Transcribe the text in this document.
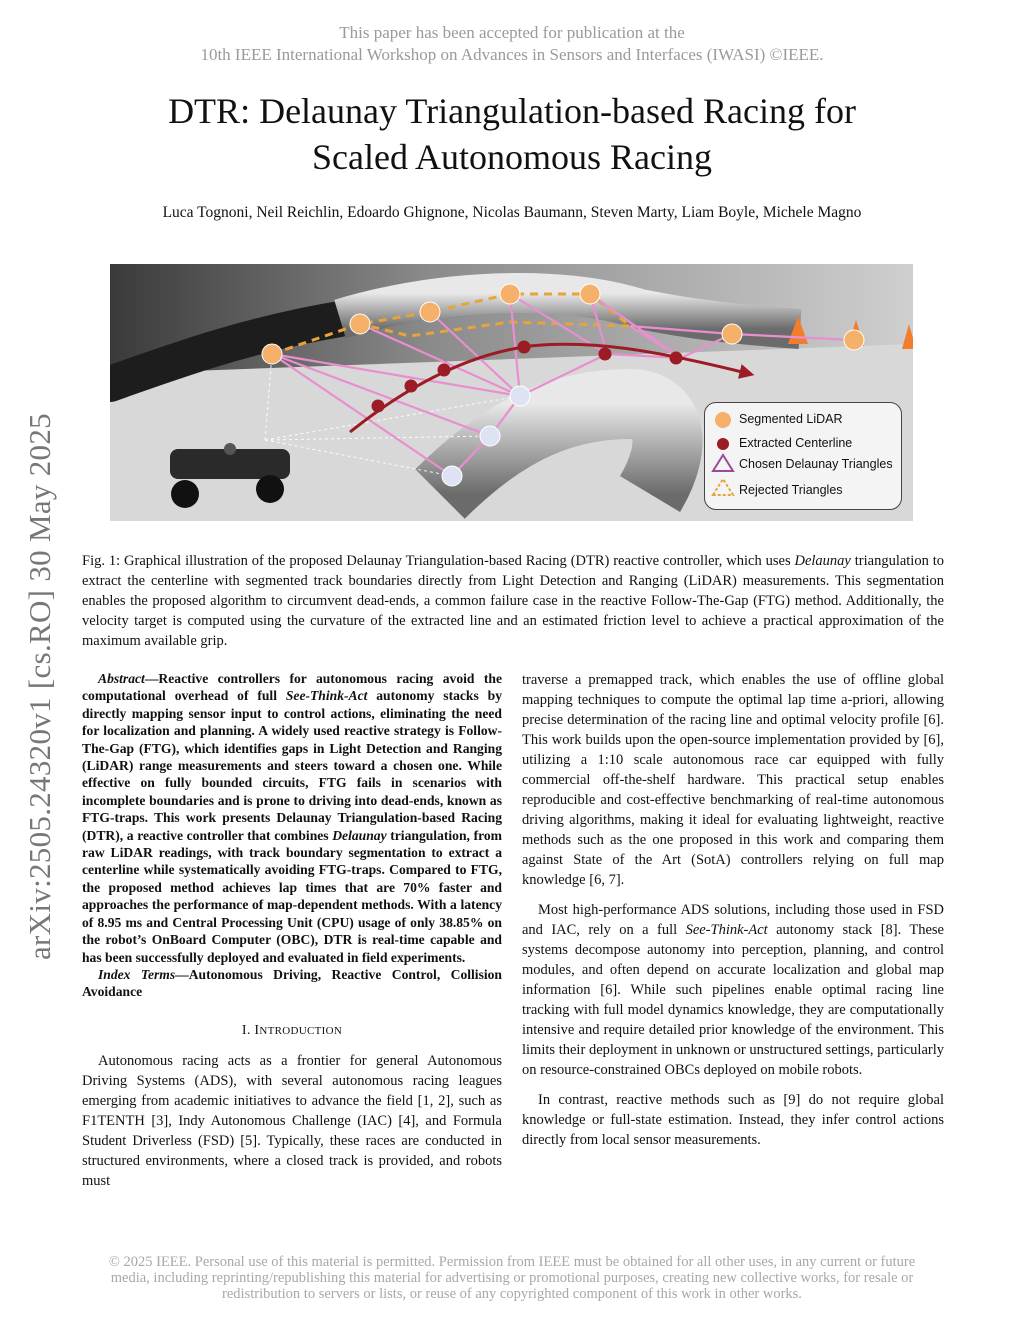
This paper has been accepted for publication at the
10th IEEE International Workshop on Advances in Sensors and Interfaces (IWASI) ©IEEE.
DTR: Delaunay Triangulation-based Racing for
Scaled Autonomous Racing
Luca Tognoni, Neil Reichlin, Edoardo Ghignone, Nicolas Baumann, Steven Marty, Liam Boyle, Michele Magno
arXiv:2505.24320v1 [cs.RO] 30 May 2025	Segmented LiDAR
Extracted Centerline
Chosen Delaunay Triangles
Rejected Triangles
Fig. 1: Graphical illustration of the proposed Delaunay Triangulation-based Racing (DTR) reactive controller, which uses Delaunay triangulation to extract the centerline with segmented track boundaries directly from Light Detection and Ranging (LiDAR) measurements. This segmentation enables the proposed algorithm to circumvent dead-ends, a common failure case in the reactive Follow-The-Gap (FTG) method. Additionally, the velocity target is computed using the curvature of the extracted line and an estimated friction level to achieve a practical approximation of the maximum available grip.

Abstract—Reactive controllers for autonomous racing avoid the computational overhead of full See-Think-Act autonomy stacks by directly mapping sensor input to control actions, eliminating the need for localization and planning. A widely used reactive strategy is Follow-The-Gap (FTG), which identifies gaps in Light Detection and Ranging (LiDAR) range measurements and steers toward a chosen one. While effective on fully bounded circuits, FTG fails in scenarios with incomplete boundaries and is prone to driving into dead-ends, known as FTG-traps. This work presents Delaunay Triangulation-based Racing (DTR), a reactive controller that combines Delaunay triangulation, from raw LiDAR readings, with track boundary segmentation to extract a centerline while systematically avoiding FTG-traps. Compared to FTG, the proposed method achieves lap times that are 70% faster and approaches the performance of map-dependent methods. With a latency of 8.95 ms and Central Processing Unit (CPU) usage of only 38.85% on the robot’s OnBoard Computer (OBC), DTR is real-time capable and has been successfully deployed and evaluated in field experiments.

Index Terms—Autonomous Driving, Reactive Control, Collision Avoidance

I. INTRODUCTION

Autonomous racing acts as a frontier for general Autonomous Driving Systems (ADS), with several autonomous racing leagues emerging from academic initiatives to advance the field [1, 2], such as F1TENTH [3], Indy Autonomous Challenge (IAC) [4], and Formula Student Driverless (FSD) [5]. Typically, these races are conducted in structured environments, where a closed track is provided, and robots must

traverse a premapped track, which enables the use of offline global mapping techniques to compute the optimal lap time a-priori, allowing precise determination of the racing line and optimal velocity profile [6]. This work builds upon the open-source implementation provided by [6], utilizing a 1:10 scale autonomous race car equipped with fully commercial off-the-shelf hardware. This practical setup enables reproducible and cost-effective benchmarking of real-time autonomous driving algorithms, making it ideal for evaluating lightweight, reactive methods such as the one proposed in this work and comparing them against State of the Art (SotA) controllers relying on full map knowledge [6, 7].

Most high-performance ADS solutions, including those used in FSD and IAC, rely on a full See-Think-Act autonomy stack [8]. These systems decompose autonomy into perception, planning, and control modules, and often depend on accurate localization and global map information [6]. While such pipelines enable optimal racing line tracking with full model dynamics knowledge, they are computationally intensive and require detailed prior knowledge of the environment. This limits their deployment in unknown or unstructured settings, particularly on resource-constrained OBCs deployed on mobile robots.

In contrast, reactive methods such as [9] do not require global knowledge or full-state estimation. Instead, they infer control actions directly from local sensor measurements.

© 2025 IEEE. Personal use of this material is permitted. Permission from IEEE must be obtained for all other uses, in any current or future
media, including reprinting/republishing this material for advertising or promotional purposes, creating new collective works, for resale or
redistribution to servers or lists, or reuse of any copyrighted component of this work in other works.
